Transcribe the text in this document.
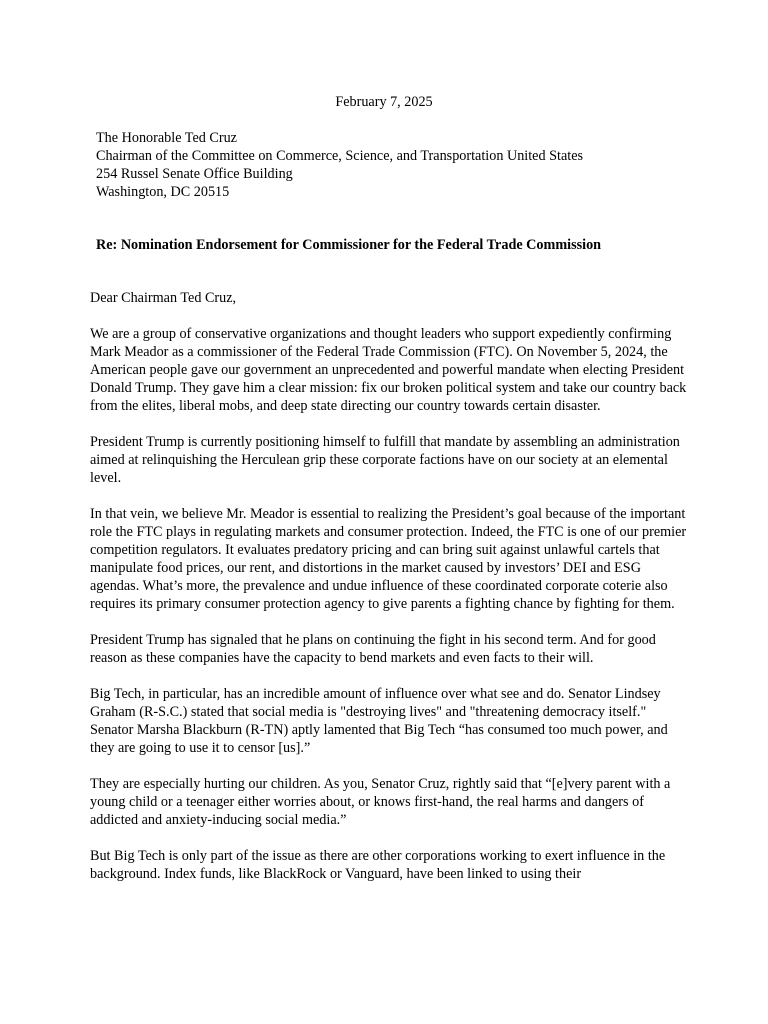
February 7, 2025
The Honorable Ted Cruz
Chairman of the Committee on Commerce, Science, and Transportation United States
254 Russel Senate Office Building
Washington, DC 20515
Re: Nomination Endorsement for Commissioner for the Federal Trade Commission

Dear Chairman Ted Cruz,

We are a group of conservative organizations and thought leaders who support expediently confirming Mark Meador as a commissioner of the Federal Trade Commission (FTC). On November 5, 2024, the American people gave our government an unprecedented and powerful mandate when electing President Donald Trump. They gave him a clear mission: fix our broken political system and take our country back from the elites, liberal mobs, and deep state directing our country towards certain disaster.

President Trump is currently positioning himself to fulfill that mandate by assembling an administration aimed at relinquishing the Herculean grip these corporate factions have on our society at an elemental level.

In that vein, we believe Mr. Meador is essential to realizing the President’s goal because of the important role the FTC plays in regulating markets and consumer protection. Indeed, the FTC is one of our premier competition regulators. It evaluates predatory pricing and can bring suit against unlawful cartels that manipulate food prices, our rent, and distortions in the market caused by investors’ DEI and ESG agendas. What’s more, the prevalence and undue influence of these coordinated corporate coterie also requires its primary consumer protection agency to give parents a fighting chance by fighting for them.

President Trump has signaled that he plans on continuing the fight in his second term. And for good reason as these companies have the capacity to bend markets and even facts to their will.

Big Tech, in particular, has an incredible amount of influence over what see and do. Senator Lindsey Graham (R-S.C.) stated that social media is "destroying lives" and "threatening democracy itself." Senator Marsha Blackburn (R-TN) aptly lamented that Big Tech “has consumed too much power, and they are going to use it to censor [us].”

They are especially hurting our children. As you, Senator Cruz, rightly said that “[e]very parent with a young child or a teenager either worries about, or knows first-hand, the real harms and dangers of addicted and anxiety-inducing social media.”

But Big Tech is only part of the issue as there are other corporations working to exert influence in the background. Index funds, like BlackRock or Vanguard, have been linked to using their
